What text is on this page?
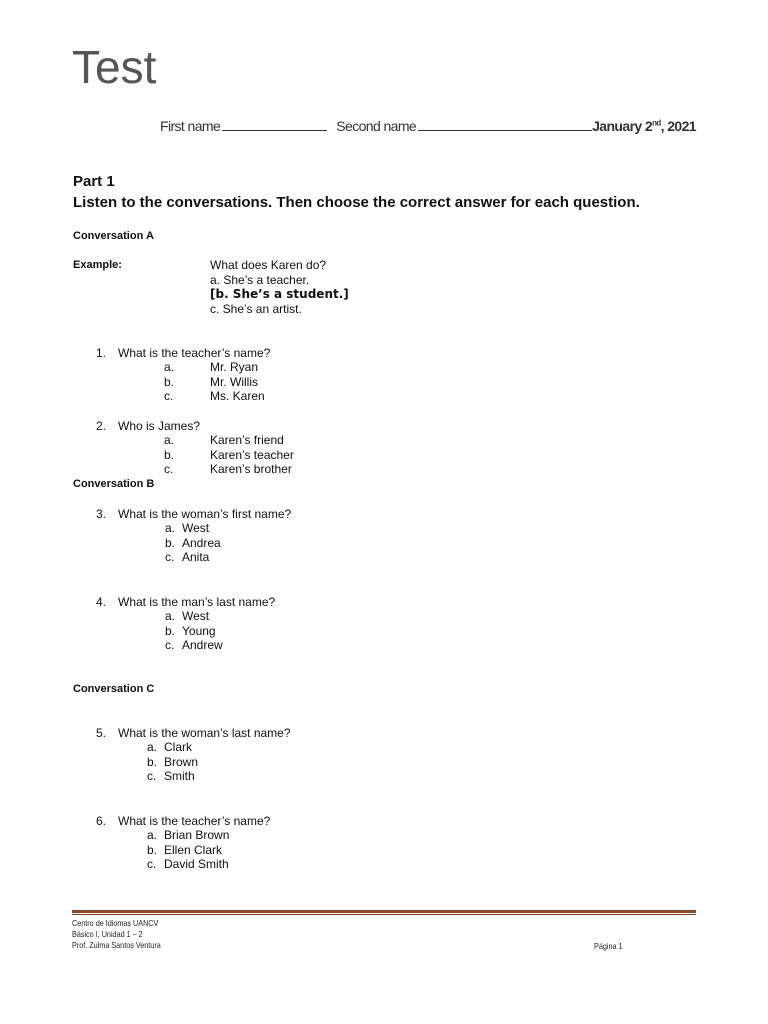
Test
First name	Second name	January 2nd, 2021
Part 1
Listen to the conversations. Then choose the correct answer for each question.
Conversation A
Example:	What does Karen do?
a. She’s a teacher.
[b. She’s a student.]
c. She’s an artist.
1. What is the teacher’s name?
a.	Mr. Ryan
b.	Mr. Willis
c.	Ms. Karen
2. Who is James?
a.	Karen’s friend
b.	Karen’s teacher
c.	Karen’s brother
Conversation B
3. What is the woman’s first name?
a. West
b. Andrea
c. Anita
4. What is the man’s last name?
a. West
b. Young
c. Andrew
Conversation C
5. What is the woman’s last name?
a. Clark
b. Brown
c. Smith
6. What is the teacher’s name?
a. Brian Brown
b. Ellen Clark
c. David Smith
Centro de Idiomas UANCV
Básico I, Unidad 1 – 2
Prof. Zulma Santos Ventura	Página 1
